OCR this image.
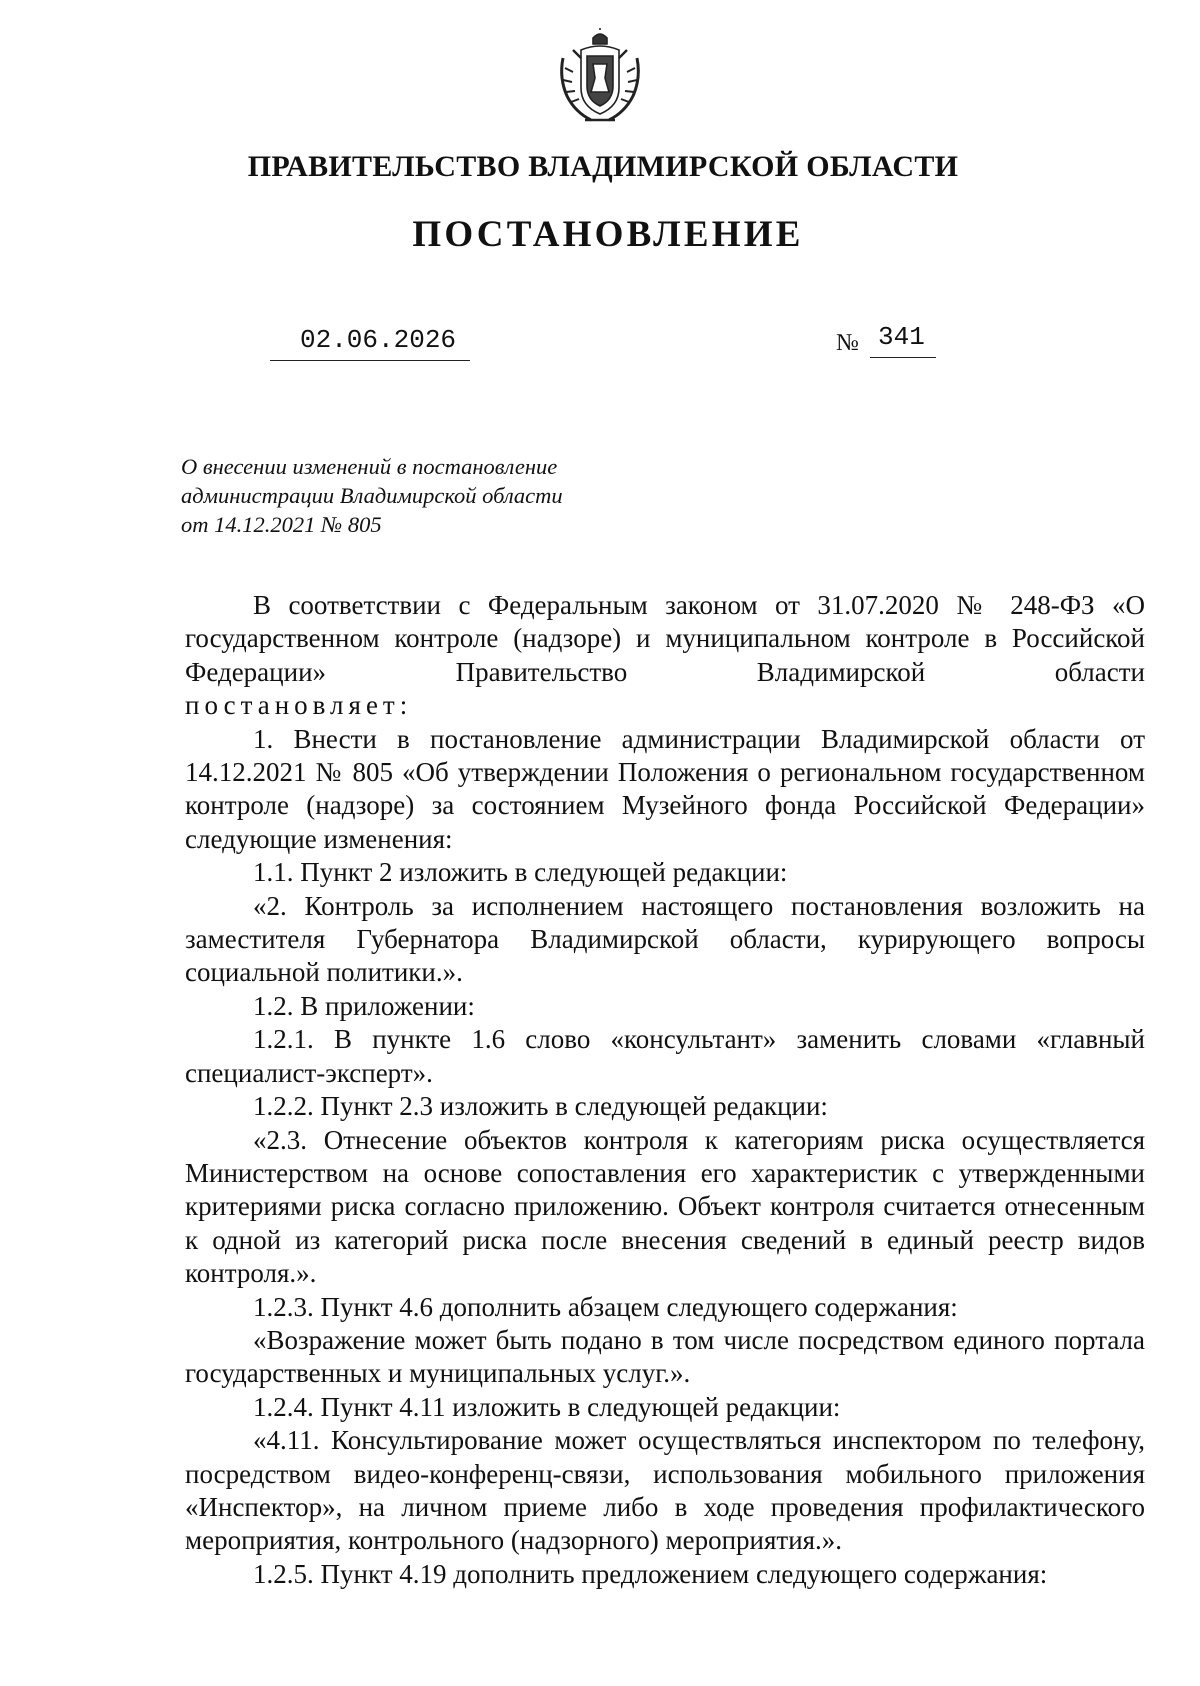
ПРАВИТЕЛЬСТВО ВЛАДИМИРСКОЙ ОБЛАСТИ
ПОСТАНОВЛЕНИЕ
02.06.2026	№ 341
О внесении изменений в постановление
администрации Владимирской области
от 14.12.2021 № 805

В соответствии с Федеральным законом от 31.07.2020 № 248-ФЗ «О государственном контроле (надзоре) и муниципальном контроле в Российской Федерации» Правительство Владимирской области

постановляет:

1. Внести в постановление администрации Владимирской области от 14.12.2021 № 805 «Об утверждении Положения о региональном государственном контроле (надзоре) за состоянием Музейного фонда Российской Федерации» следующие изменения:

1.1. Пункт 2 изложить в следующей редакции:

«2. Контроль за исполнением настоящего постановления возложить на заместителя Губернатора Владимирской области, курирующего вопросы социальной политики.».

1.2. В приложении:

1.2.1. В пункте 1.6 слово «консультант» заменить словами «главный специалист-эксперт».

1.2.2. Пункт 2.3 изложить в следующей редакции:

«2.3. Отнесение объектов контроля к категориям риска осуществляется Министерством на основе сопоставления его характеристик с утвержденными критериями риска согласно приложению. Объект контроля считается отнесенным к одной из категорий риска после внесения сведений в единый реестр видов контроля.».

1.2.3. Пункт 4.6 дополнить абзацем следующего содержания:

«Возражение может быть подано в том числе посредством единого портала государственных и муниципальных услуг.».

1.2.4. Пункт 4.11 изложить в следующей редакции:

«4.11. Консультирование может осуществляться инспектором по телефону, посредством видео-конференц-связи, использования мобильного приложения «Инспектор», на личном приеме либо в ходе проведения профилактического мероприятия, контрольного (надзорного) мероприятия.».

1.2.5. Пункт 4.19 дополнить предложением следующего содержания:
